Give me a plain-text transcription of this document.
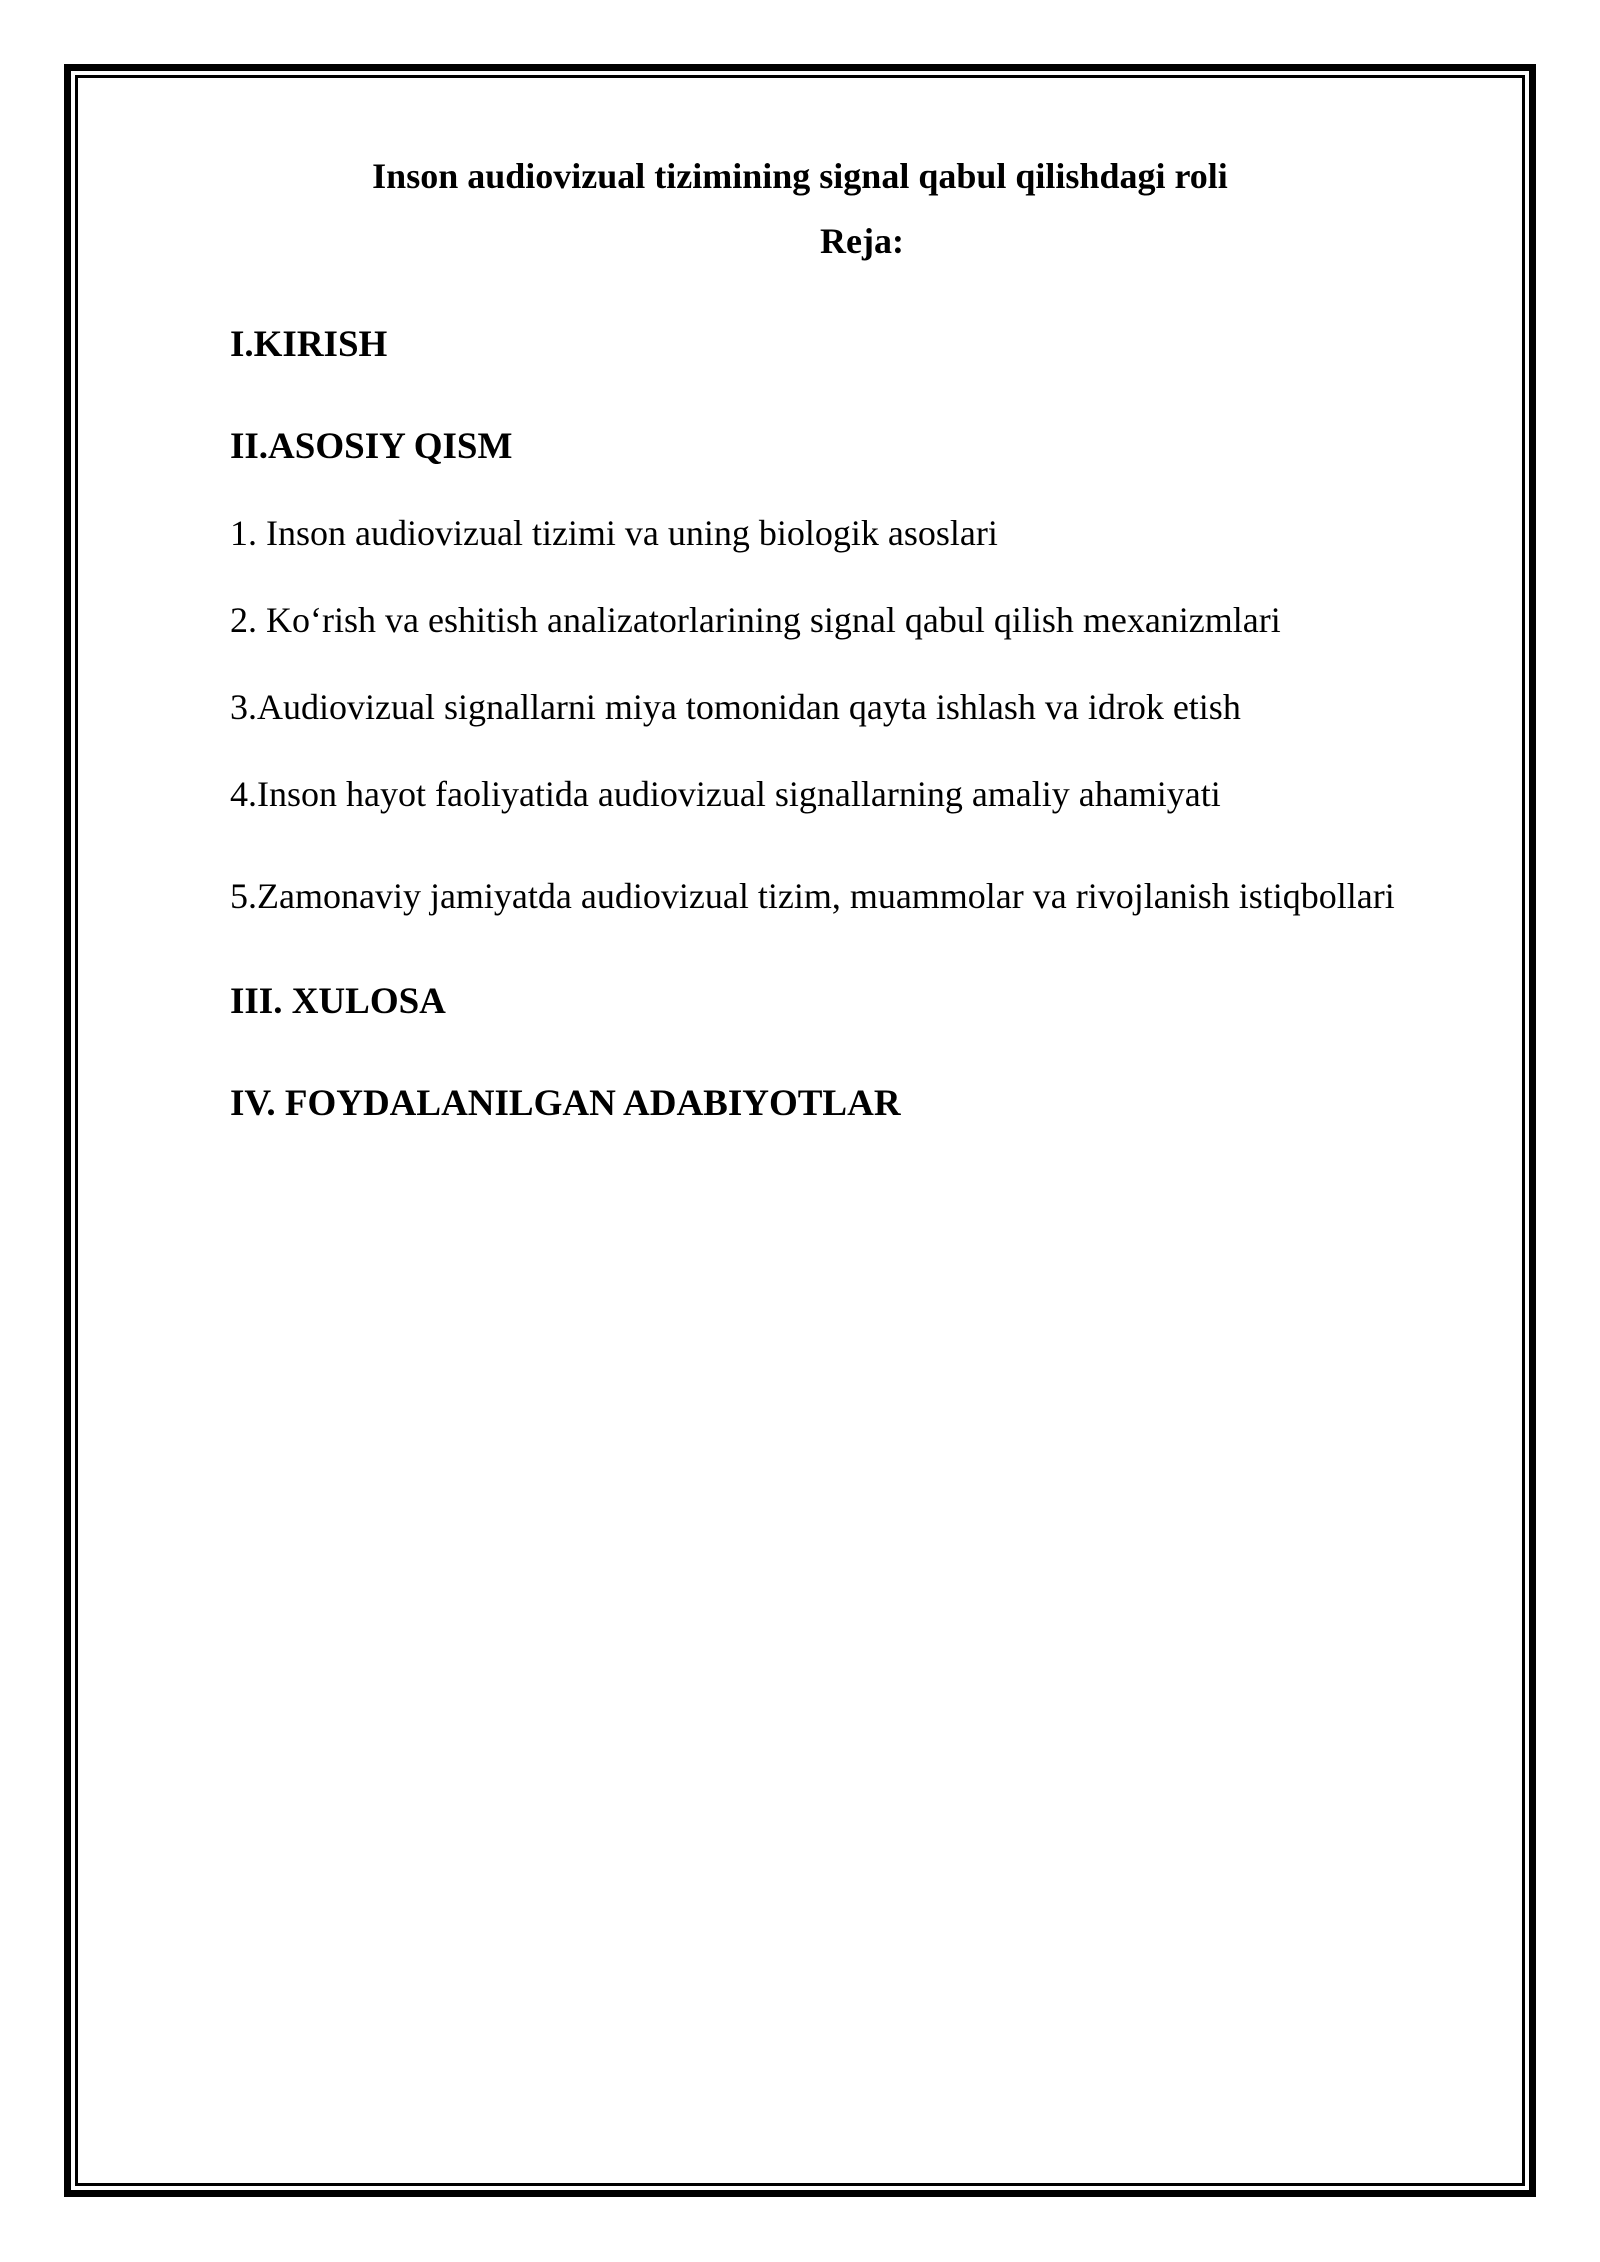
Inson audiovizual tizimining signal qabul qilishdagi roli
Reja:
I.KIRISH
II.ASOSIY QISM
1. Inson audiovizual tizimi va uning biologik asoslari
2. Ko‘rish va eshitish analizatorlarining signal qabul qilish mexanizmlari
3.Audiovizual signallarni miya tomonidan qayta ishlash va idrok etish
4.Inson hayot faoliyatida audiovizual signallarning amaliy ahamiyati
5.Zamonaviy jamiyatda audiovizual tizim, muammolar va rivojlanish istiqbollari
III. XULOSA
IV. FOYDALANILGAN ADABIYOTLAR
